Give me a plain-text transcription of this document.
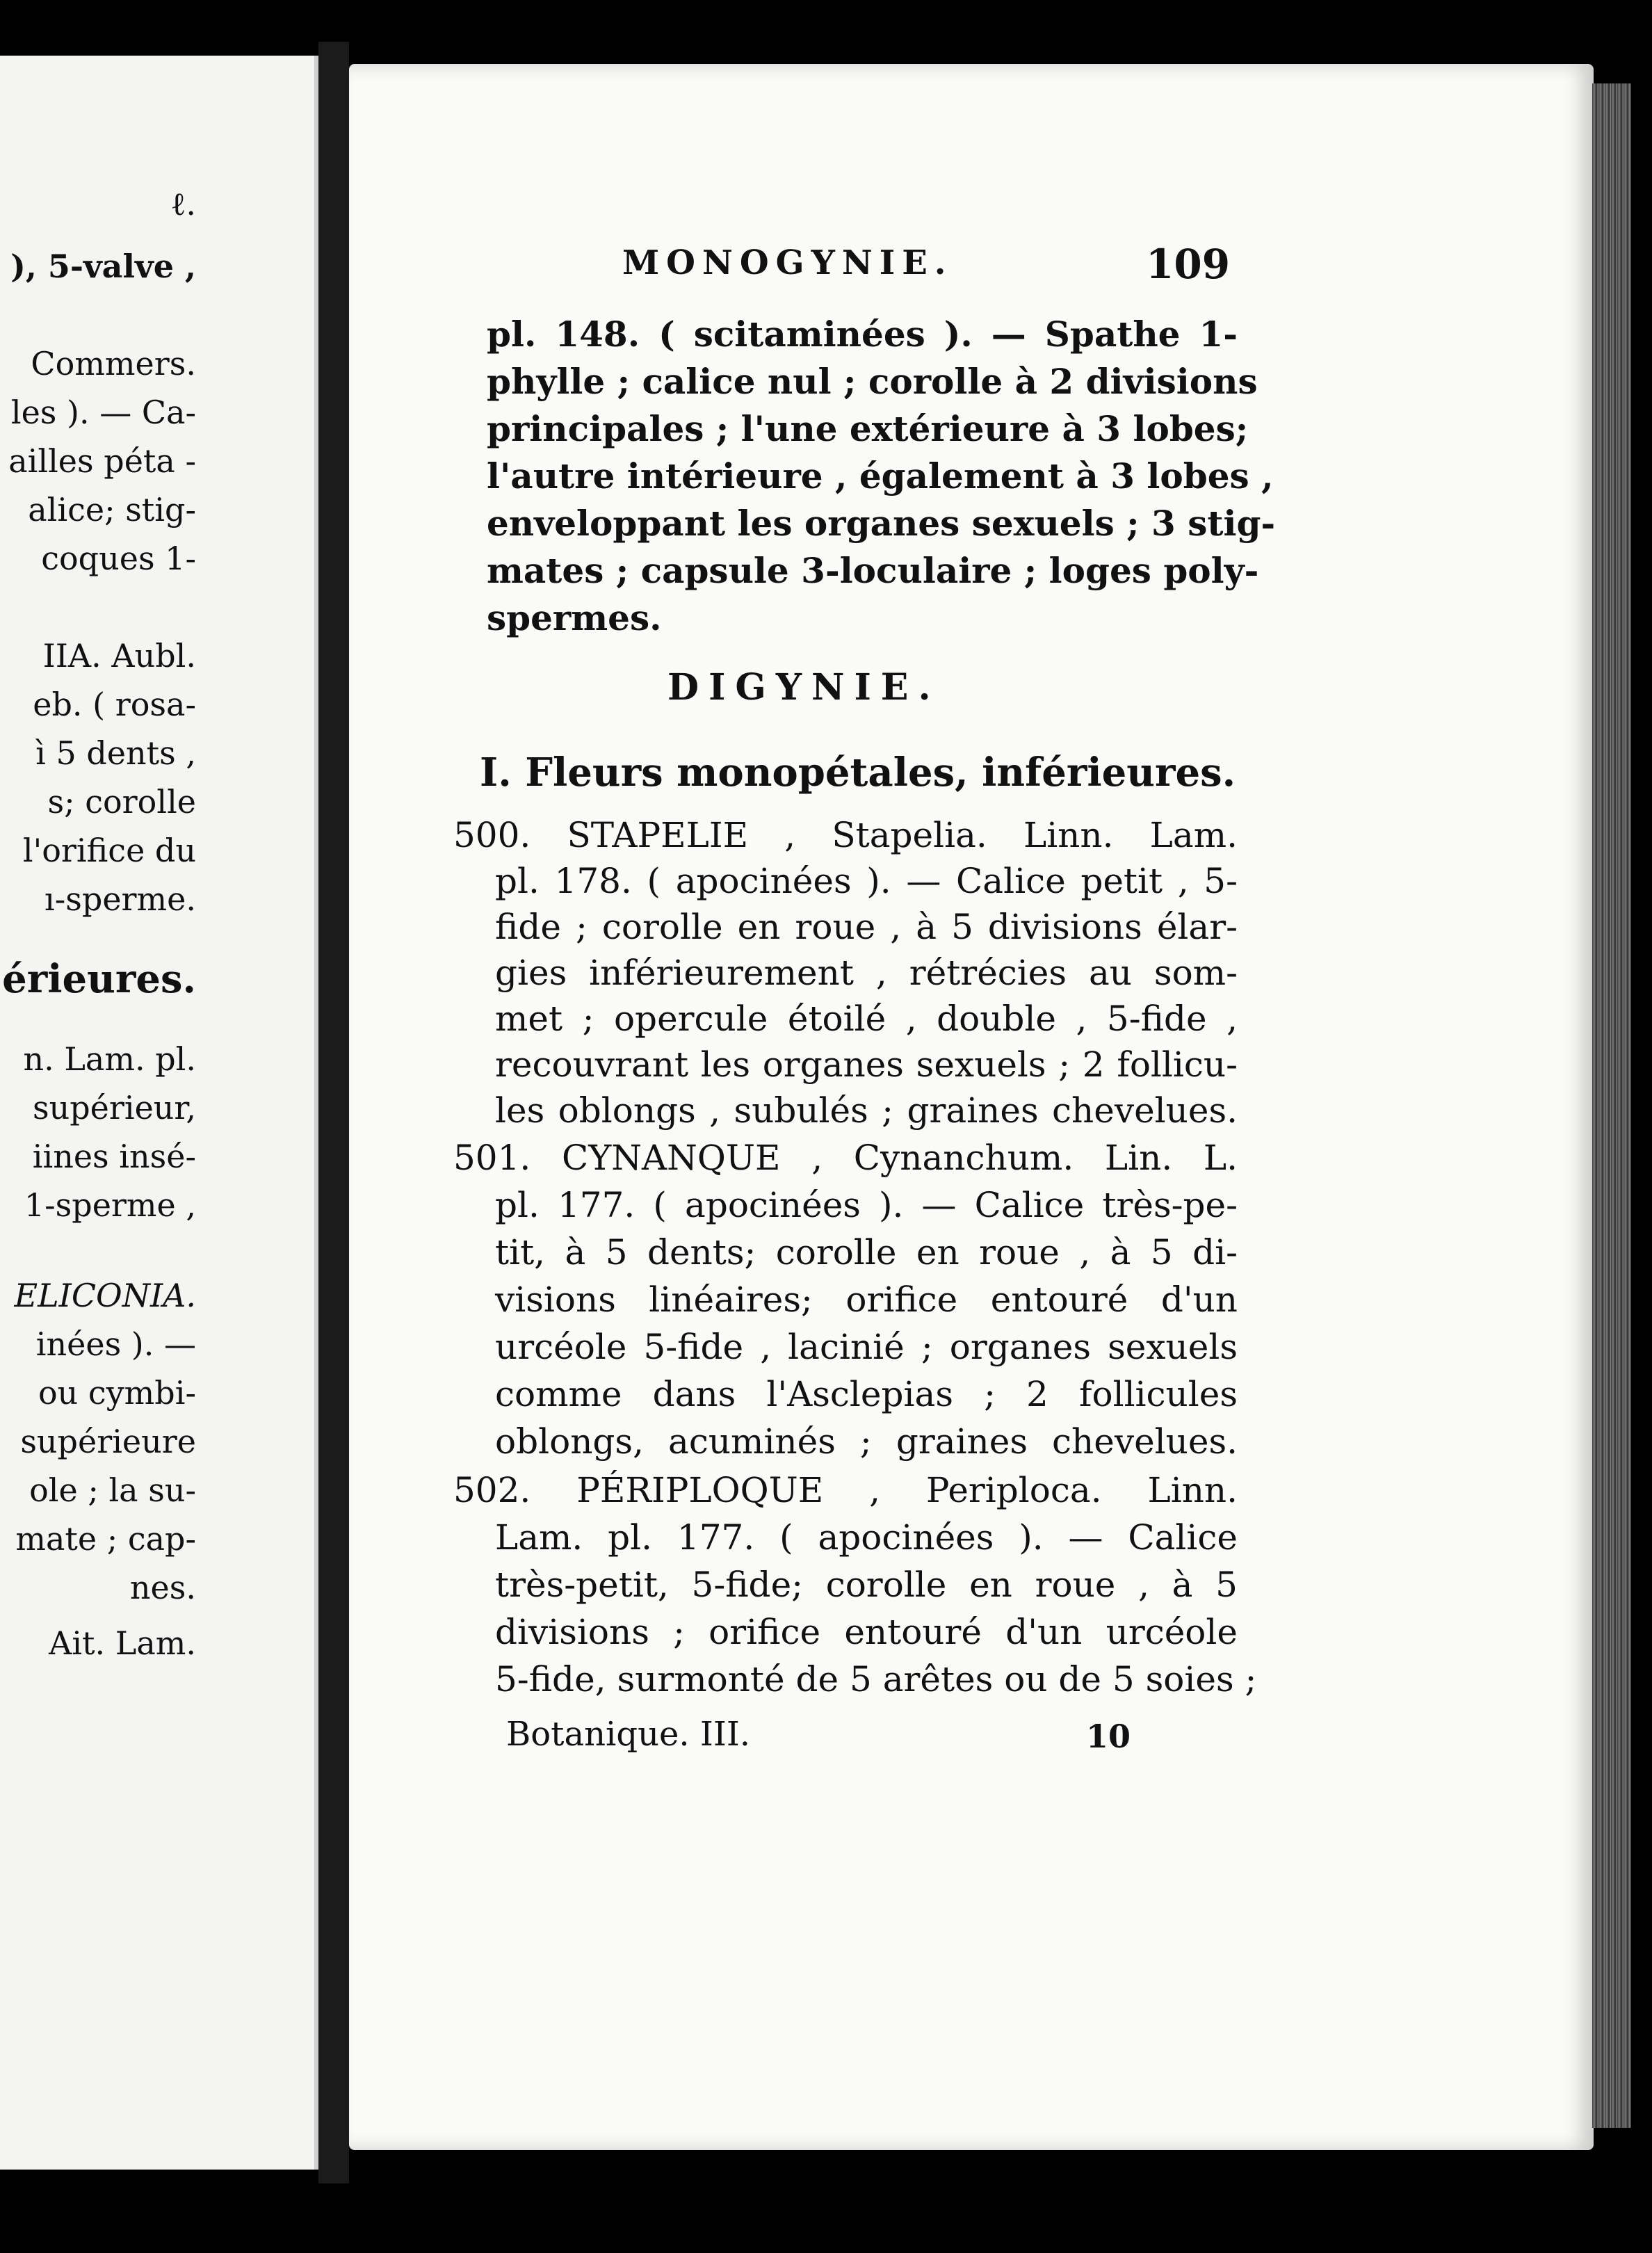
ℓ.
), 5-valve ,
Commers.
les ). — Ca-
ailles péta -
alice; stig-
coques 1-
IIA. Aubl.
eb. ( rosa-
ì 5 dents ,
s; corolle
l'orifice du
ı-sperme.
érieures.
n. Lam. pl.
supérieur,
iines insé-
1-sperme ,
ELICONIA.
inées ). —
ou cymbi-
supérieure
ole ; la su-
mate ; cap-
nes.
Ait. Lam.
MONOGYNIE.	109
pl. 148. ( scitaminées ). — Spathe 1-
phylle ; calice nul ; corolle à 2 divisions
principales ; l'une extérieure à 3 lobes;
l'autre intérieure , également à 3 lobes ,
enveloppant les organes sexuels ; 3 stig-
mates ; capsule 3-loculaire ; loges poly-
spermes.
DIGYNIE.
I. Fleurs monopétales, inférieures.
500. STAPELIE , Stapelia. Linn. Lam.
pl. 178. ( apocinées ). — Calice petit , 5-
fide ; corolle en roue , à 5 divisions élar-
gies inférieurement , rétrécies au som-
met ; opercule étoilé , double , 5-fide ,
recouvrant les organes sexuels ; 2 follicu-
les oblongs , subulés ; graines chevelues.
501. CYNANQUE , Cynanchum. Lin. L.
pl. 177. ( apocinées ). — Calice très-pe-
tit, à 5 dents; corolle en roue , à 5 di-
visions linéaires; orifice entouré d'un
urcéole 5-fide , lacinié ; organes sexuels
comme dans l'Asclepias ; 2 follicules
oblongs, acuminés ; graines chevelues.
502. PÉRIPLOQUE , Periploca. Linn.
Lam. pl. 177. ( apocinées ). — Calice
très-petit, 5-fide; corolle en roue , à 5
divisions ; orifice entouré d'un urcéole
5-fide, surmonté de 5 arêtes ou de 5 soies ;
Botanique. III.	10
